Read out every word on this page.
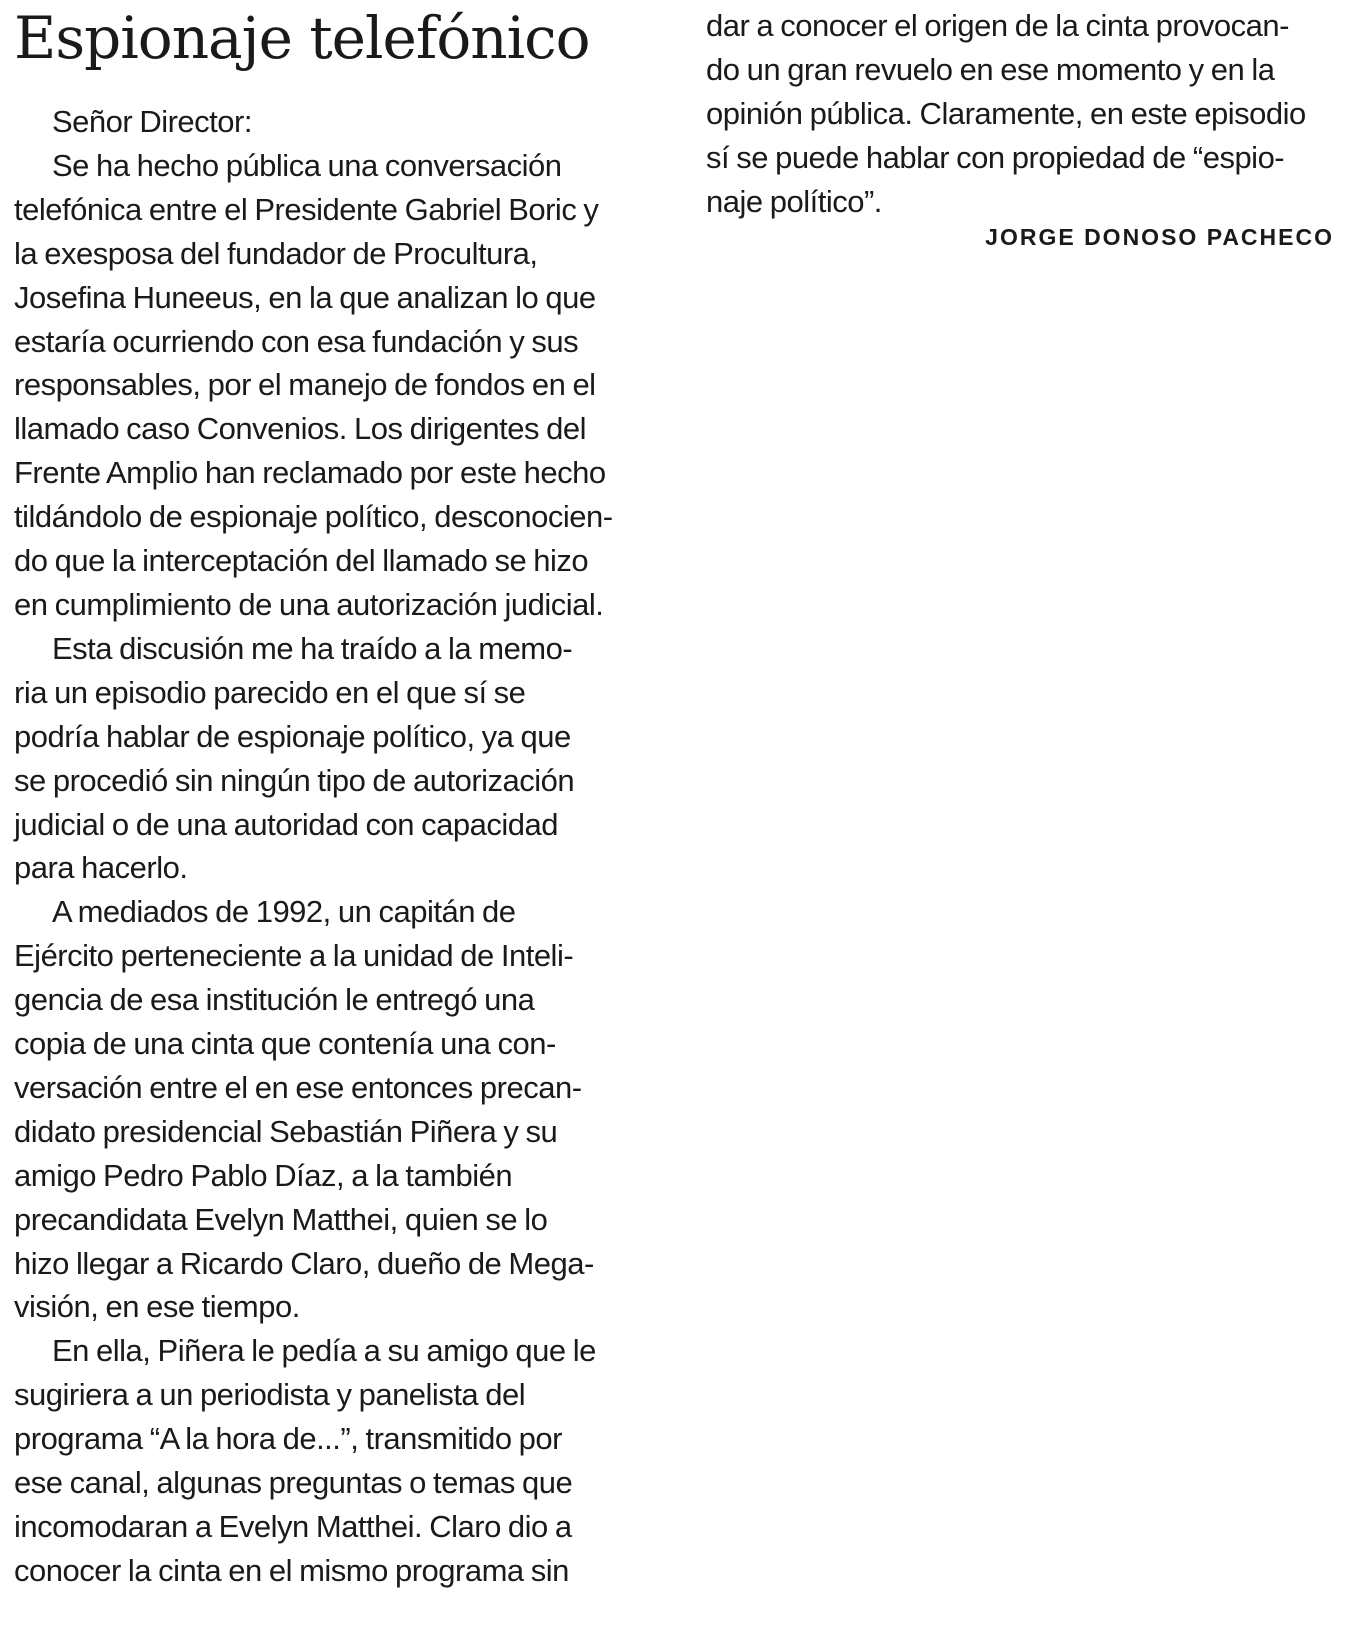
Espionaje telefónico
Señor Director:
Se ha hecho pública una conversación
telefónica entre el Presidente Gabriel Boric y
la exesposa del fundador de Procultura,
Josefina Huneeus, en la que analizan lo que
estaría ocurriendo con esa fundación y sus
responsables, por el manejo de fondos en el
llamado caso Convenios. Los dirigentes del
Frente Amplio han reclamado por este hecho
tildándolo de espionaje político, desconocien-
do que la interceptación del llamado se hizo
en cumplimiento de una autorización judicial.
Esta discusión me ha traído a la memo-
ria un episodio parecido en el que sí se
podría hablar de espionaje político, ya que
se procedió sin ningún tipo de autorización
judicial o de una autoridad con capacidad
para hacerlo.
A mediados de 1992, un capitán de
Ejército perteneciente a la unidad de Inteli-
gencia de esa institución le entregó una
copia de una cinta que contenía una con-
versación entre el en ese entonces precan-
didato presidencial Sebastián Piñera y su
amigo Pedro Pablo Díaz, a la también
precandidata Evelyn Matthei, quien se lo
hizo llegar a Ricardo Claro, dueño de Mega-
visión, en ese tiempo.
En ella, Piñera le pedía a su amigo que le
sugiriera a un periodista y panelista del
programa “A la hora de...”, transmitido por
ese canal, algunas preguntas o temas que
incomodaran a Evelyn Matthei. Claro dio a
conocer la cinta en el mismo programa sin
dar a conocer el origen de la cinta provocan-
do un gran revuelo en ese momento y en la
opinión pública. Claramente, en este episodio
sí se puede hablar con propiedad de “espio-
naje político”.
JORGE DONOSO PACHECO
